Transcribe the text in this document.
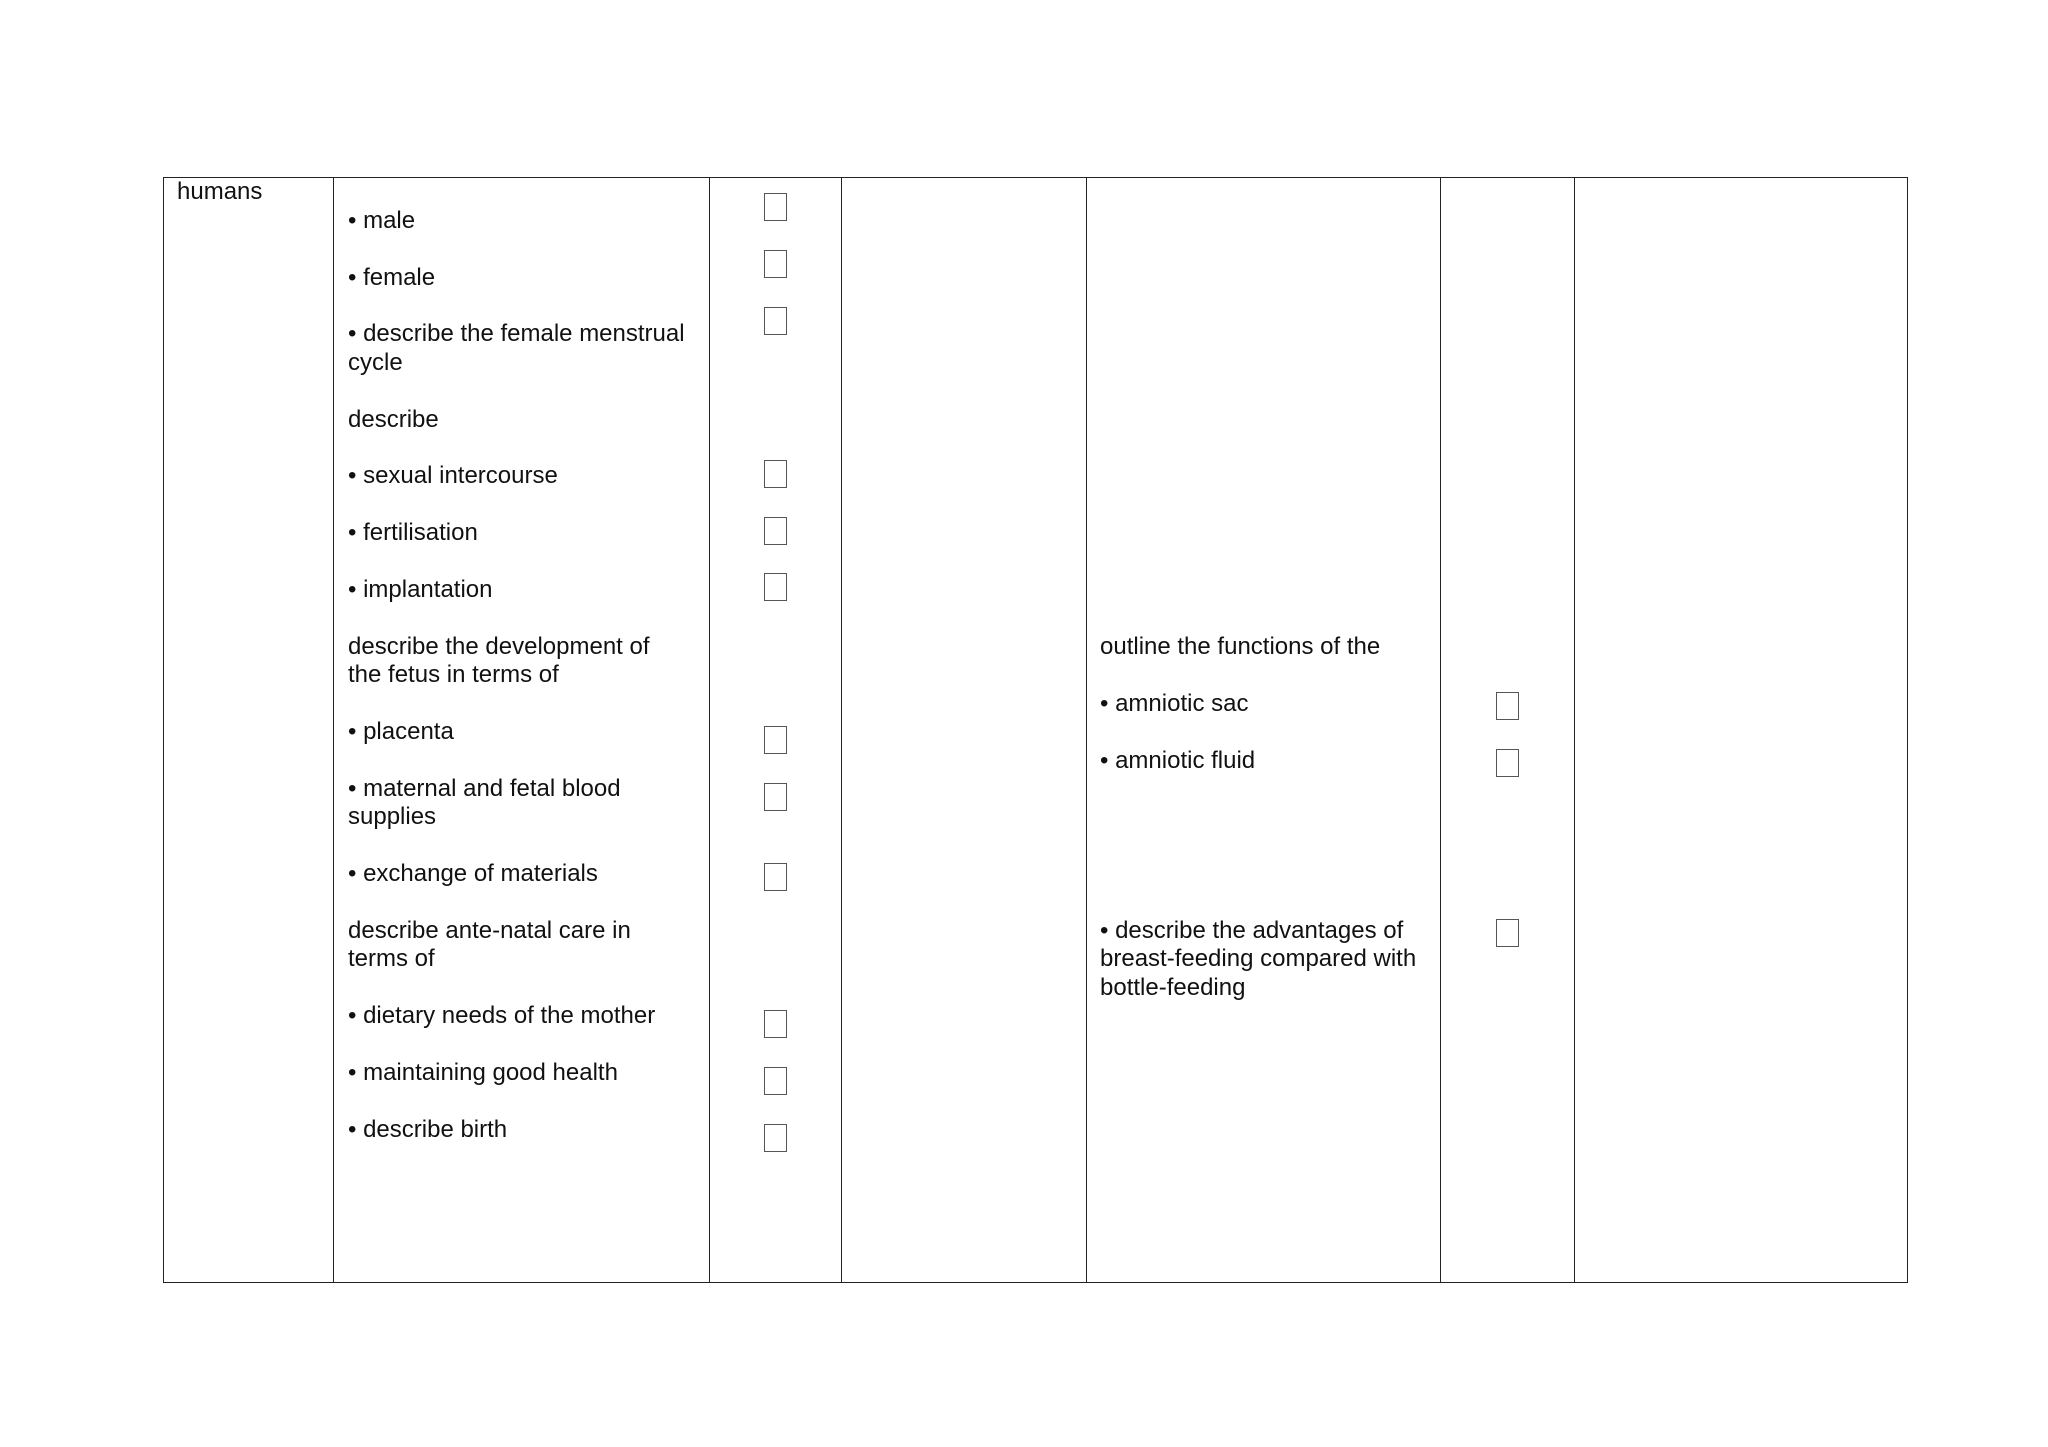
humans
• male
• female
• describe the female menstrual
cycle
describe
• sexual intercourse
• fertilisation
• implantation
describe the development of
the fetus in terms of
• placenta
• maternal and fetal blood
supplies
• exchange of materials
describe ante-natal care in
terms of
• dietary needs of the mother
• maintaining good health
• describe birth
outline the functions of the
• amniotic sac
• amniotic fluid
• describe the advantages of
breast-feeding compared with
bottle-feeding
